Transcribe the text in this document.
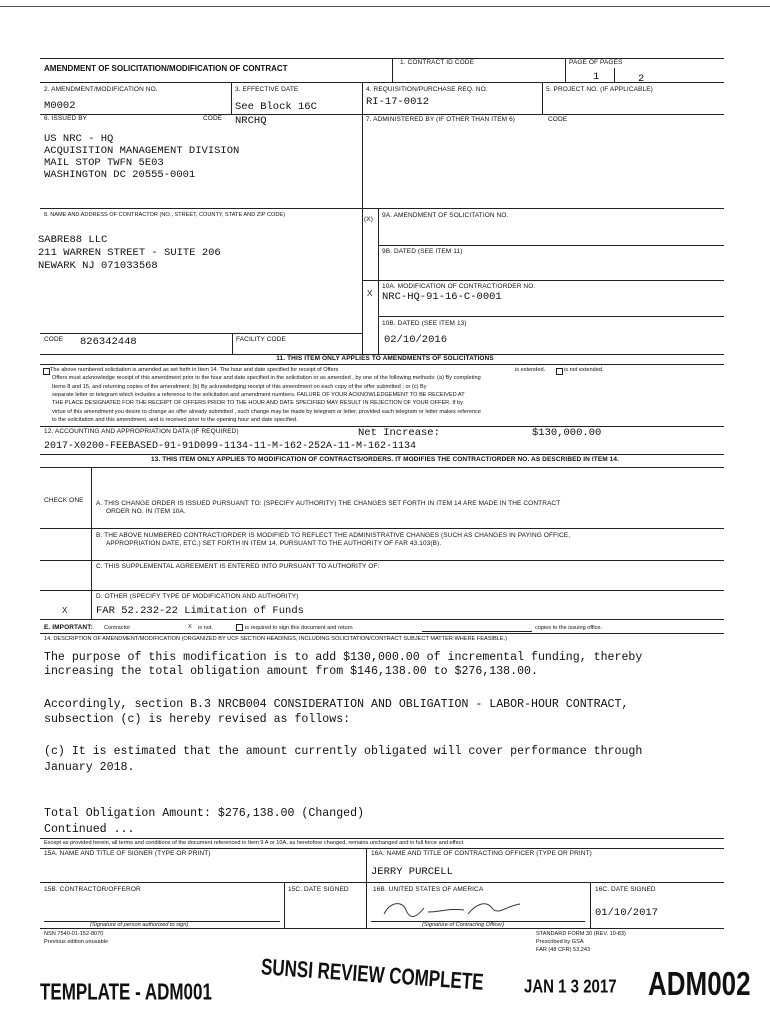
AMENDMENT OF SOLICITATION/MODIFICATION OF CONTRACT
1. CONTRACT ID CODE	PAGE OF PAGES
1	2
2. AMENDMENT/MODIFICATION NO.
M0002
3. EFFECTIVE DATE
See Block 16C
4. REQUISITION/PURCHASE REQ. NO.
RI-17-0012
5. PROJECT NO. (IF APPLICABLE)
6. ISSUED BY	CODE NRCHQ
US NRC - HQ
ACQUISITION MANAGEMENT DIVISION
MAIL STOP TWFN 5E03
WASHINGTON DC 20555-0001
7. ADMINISTERED BY (IF OTHER THAN ITEM 6)	CODE
8. NAME AND ADDRESS OF CONTRACTOR (NO., STREET, COUNTY, STATE AND ZIP CODE)
SABRE88 LLC
211 WARREN STREET - SUITE 206
NEWARK NJ 071033568
CODE 826342448	FACILITY CODE
(X)
9A. AMENDMENT OF SOLICITATION NO.
9B. DATED (SEE ITEM 11)
X
10A. MODIFICATION OF CONTRACT/ORDER NO.
NRC-HQ-91-16-C-0001
10B. DATED (SEE ITEM 13)
02/10/2016
11. THIS ITEM ONLY APPLIES TO AMENDMENTS OF SOLICITATIONS
The above numbered solicitation is amended as set forth in Item 14. The hour and date specified for receipt of Offers	is extended.	is not extended.
Offers must acknowledge receipt of this amendment prior to the hour and date specified in the solicitation or as amended , by one of the following methods: (a) By completing
Items 8 and 15, and returning copies of the amendment; (b) By acknowledging receipt of this amendment on each copy of the offer submitted ; or (c) By
separate letter or telegram which includes a reference to the solicitation and amendment numbers. FAILURE OF YOUR ACKNOWLEDGEMENT TO BE RECEIVED AT
THE PLACE DESIGNATED FOR THE RECEIPT OF OFFERS PRIOR TO THE HOUR AND DATE SPECIFIED MAY RESULT IN REJECTION OF YOUR OFFER. If by
virtue of this amendment you desire to change an offer already submitted , such change may be made by telegram or letter, provided each telegram or letter makes reference
to the solicitation and this amendment, and is received prior to the opening hour and date specified.
12. ACCOUNTING AND APPROPRIATION DATA (IF REQUIRED)	Net Increase:	$130,000.00
2017-X0200-FEEBASED-91-91D099-1134-11-M-162-252A-11-M-162-1134
13. THIS ITEM ONLY APPLIES TO MODIFICATION OF CONTRACTS/ORDERS. IT MODIFIES THE CONTRACT/ORDER NO. AS DESCRIBED IN ITEM 14.
CHECK ONE A. THIS CHANGE ORDER IS ISSUED PURSUANT TO: (SPECIFY AUTHORITY) THE CHANGES SET FORTH IN ITEM 14 ARE MADE IN THE CONTRACT
ORDER NO. IN ITEM 10A.
B. THE ABOVE NUMBERED CONTRACT/ORDER IS MODIFIED TO REFLECT THE ADMINISTRATIVE CHANGES (SUCH AS CHANGES IN PAYING OFFICE,
APPROPRIATION DATE, ETC.) SET FORTH IN ITEM 14, PURSUANT TO THE AUTHORITY OF FAR 43.103(B).
C. THIS SUPPLEMENTAL AGREEMENT IS ENTERED INTO PURSUANT TO AUTHORITY OF:
D. OTHER (SPECIFY TYPE OF MODIFICATION AND AUTHORITY)
X	FAR 52.232-22 Limitation of Funds
E. IMPORTANT: Contractor	X is not,	is required to sign this document and return	copies to the issuing office.
14. DESCRIPTION OF AMENDMENT/MODIFICATION (ORGANIZED BY UCF SECTION HEADINGS, INCLUDING SOLICITATION/CONTRACT SUBJECT MATTER WHERE FEASIBLE.)
The purpose of this modification is to add $130,000.00 of incremental funding, thereby
increasing the total obligation amount from $146,138.00 to $276,138.00.
Accordingly, section B.3 NRCB004 CONSIDERATION AND OBLIGATION - LABOR-HOUR CONTRACT,
subsection (c) is hereby revised as follows:
(c) It is estimated that the amount currently obligated will cover performance through
January 2018.
Total Obligation Amount: $276,138.00 (Changed)
Continued ...
Except as provided herein, all terms and conditions of the document referenced in Item 9 A or 10A, as heretofore changed, remains unchanged and in full force and effect.
15A. NAME AND TITLE OF SIGNER (TYPE OR PRINT)	16A. NAME AND TITLE OF CONTRACTING OFFICER (TYPE OR PRINT)
JERRY PURCELL
15B. CONTRACTOR/OFFEROR	15C. DATE SIGNED	16B. UNITED STATES OF AMERICA	16C. DATE SIGNED
01/10/2017
(Signature of person authorized to sign)	(Signature of Contracting Officer)
NSN 7540-01-152-8070
Previous edition unusable
STANDARD FORM 30 (REV. 10-83)
Prescribed by GSA
FAR (48 CFR) 53.243
TEMPLATE - ADM001	SUNSI REVIEW COMPLETE	JAN 1 3 2017 ADM002
